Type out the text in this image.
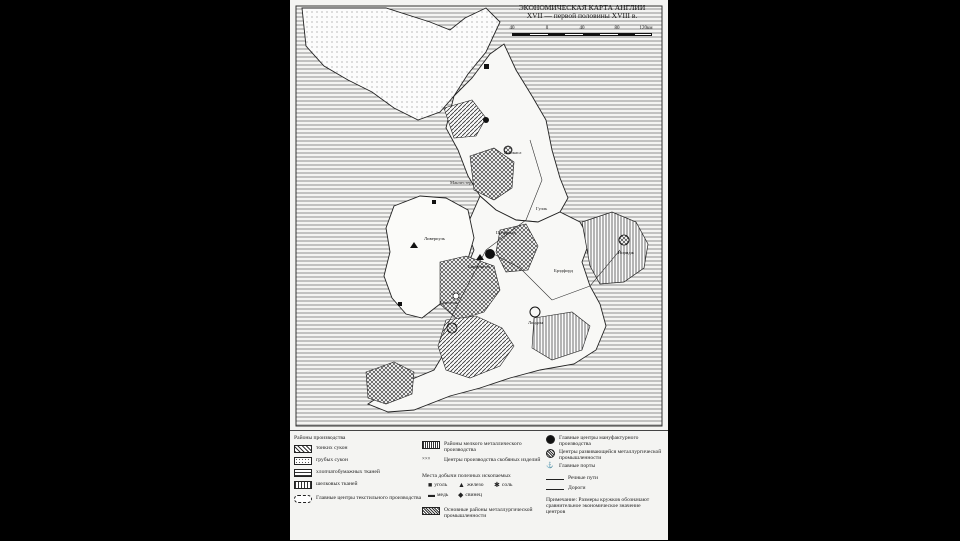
Ньюкасл
Гулль
Шеффилд
Бирмингем
Норидж
Бристоль
Лондон
Брэдфорд
Манчестер
Ливерпуль
ЭКОНОМИЧЕСКАЯ КАРТА АНГЛИИ
XVII — первой половины XVIII в.
40	0	40	80	120км
Районы производства
тонких сукон
грубых сукон
хлопчатобумажных тканей
шелковых тканей
Главные центры текстильного производства
Районы мелкого металлического производства
×××	Центры производства скобяных изделий
Места добычи полезных ископаемых
■ уголь ▲ железо ✱ соль
▬ медь ◆ свинец
Основные районы металлургической промышленности
Главные центры мануфактурного производства
Центры развивающейся металлургической промышленности
⚓ Главные порты
Речные пути
Дороги
Примечание: Размеры кружков обозначают сравнительное экономическое значение центров
